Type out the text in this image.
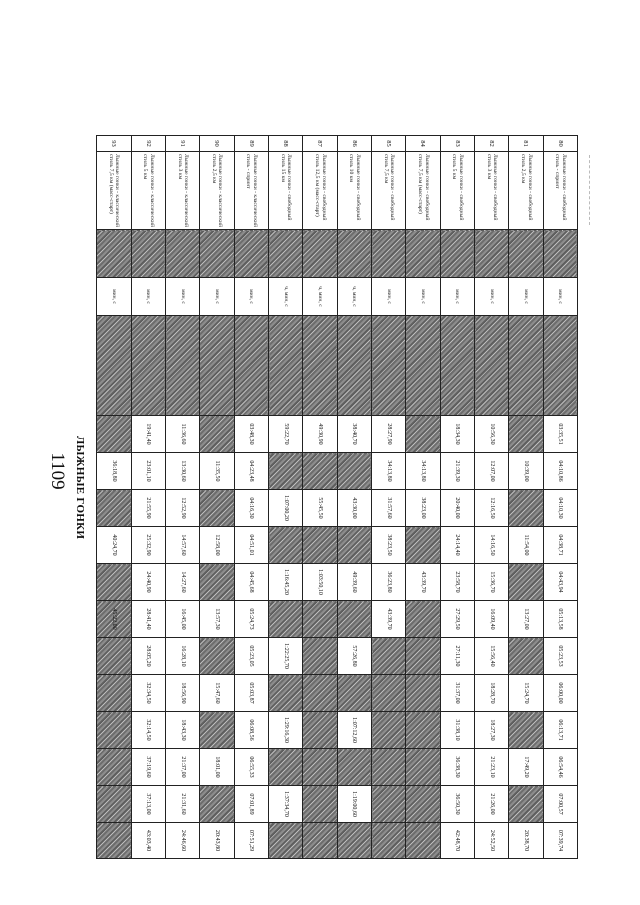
1109 ЛЫЖНЫЕ ГОНКИ
80	Лыжные гонки - свободный стиль - спринт		мин, с		03:35,51	04:10,86	04:10,30	04:38,71	04:43,94	05:13,58	05:23,53	06:00,00	06:13,71	06:54,46	07:00,57	07:39,74
81	Лыжные гонки - свободный стиль 2,5 км		мин, с			10:39,00		11:54,00		13:27,00		15:24,70		17:49,20		20:38,70
82	Лыжные гонки - свободный стиль 3 км		мин, с		10:56,30	12:07,00	12:16,50	14:16,50	15:36,70	16:09,40	15:56,40	18:28,70	18:27,30	21:23,10	21:26,00	24:52,50
83	Лыжные гонки - свободный стиль 5 км		мин, с		18:34,30	21:39,30	20:40,00	24:14,40	23:58,70	27:29,50	27:11,30	31:37,00	31:38,10	36:38,30	36:50,30	42:48,70
84	Лыжные гонки - свободный стиль 7,5 км (масс-старт)		мин, с			34:13,80	38:23,00		43:39,70							
85	Лыжные гонки - свободный стиль 7,5 км		мин, с		28:27,90	34:13,80	31:57,60	38:23,50	36:23,80	43:39,70						
86	Лыжные гонки - свободный стиль 10 км		ч, мин, с		38:40,70		43:30,00		49:39,60		57:26,80		1:07:12,60		1:19:00,60	
87	Лыжные гонки - свободный стиль 12,5 км (масс-старт)		ч, мин, с		49:30,90		55:45,50		1:03:50,10							
88	Лыжные гонки - свободный стиль 15 км		ч, мин, с		59:22,70		1:07:00,20		1:16:45,20		1:22:25,70		1:29:16,30		1:37:34,70	
89	Лыжные гонки - классический стиль - спринт		мин, с		03:48,30	04:23,48	04:16,30	04:51,01	04:45,68	05:24,73	05:23,05	05:03,87	06:08,56	06:55,33	07:01,89	07:51,29
90	Лыжные гонки - классический стиль 2,5 км		мин, с			11:35,50		12:58,00		13:57,30		15:47,60		18:01,00		20:43,80
91	Лыжные гонки - классический стиль 3 км		мин, с		11:36,60	13:30,60	12:52,90	14:57,60	14:27,60	16:45,00	16:28,10	18:56,90	18:43,30	21:37,00	21:31,60	24:46,60
92	Лыжные гонки - классический стиль 5 км		мин, с		19:41,40	23:01,10	21:55,90	25:32,90	24:40,90	28:41,40	28:05,20	32:34,50	32:14,50	37:19,60	37:13,00	43:03,40
93	Лыжные гонки - классический стиль 7,5 км (масс-старт)		мин, с			36:18,80		40:24,70		45:22,00						
